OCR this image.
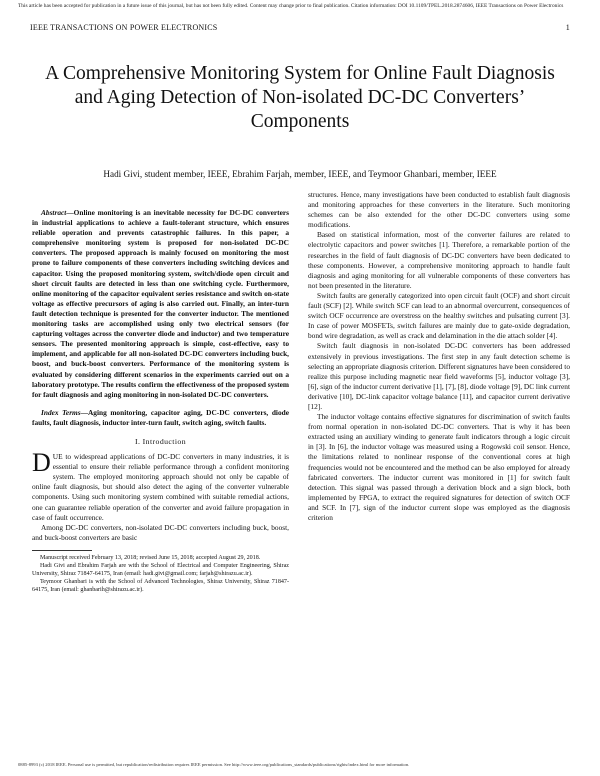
This article has been accepted for publication in a future issue of this journal, but has not been fully edited. Content may change prior to final publication. Citation information: DOI 10.1109/TPEL.2018.2874606, IEEE Transactions on Power Electronics
IEEE TRANSACTIONS ON POWER ELECTRONICS	1
A Comprehensive Monitoring System for Online Fault Diagnosis and Aging Detection of Non-isolated DC-DC Converters’ Components
Hadi Givi, student member, IEEE, Ebrahim Farjah, member, IEEE, and Teymoor Ghanbari, member, IEEE

Abstract—Online monitoring is an inevitable necessity for DC-DC converters in industrial applications to achieve a fault-tolerant structure, which ensures reliable operation and prevents catastrophic failures. In this paper, a comprehensive monitoring system is proposed for non-isolated DC-DC converters. The proposed approach is mainly focused on monitoring the most prone to failure components of these converters including switching devices and capacitor. Using the proposed monitoring system, switch/diode open circuit and short circuit faults are detected in less than one switching cycle. Furthermore, online monitoring of the capacitor equivalent series resistance and switch on-state voltage as effective precursors of aging is also carried out. Finally, an inter-turn fault detection technique is presented for the converter inductor. The mentioned monitoring tasks are accomplished using only two electrical sensors (for capturing voltages across the converter diode and inductor) and two temperature sensors. The presented monitoring approach is simple, cost-effective, easy to implement, and applicable for all non-isolated DC-DC converters including buck, boost, and buck-boost converters. Performance of the monitoring system is evaluated by considering different scenarios in the experiments carried out on a laboratory prototype. The results confirm the effectiveness of the proposed system for fault diagnosis and aging monitoring in non-isolated DC-DC converters.

Index Terms—Aging monitoring, capacitor aging, DC-DC converters, diode faults, fault diagnosis, inductor inter-turn fault, switch aging, switch faults.

I. Introduction

DUE to widespread applications of DC-DC converters in many industries, it is essential to ensure their reliable performance through a confident monitoring system. The employed monitoring approach should not only be capable of online fault diagnosis, but should also detect the aging of the converter vulnerable components. Using such monitoring system combined with suitable remedial actions, one can guarantee reliable operation of the converter and avoid failure propagation in case of fault occurrence.

Among DC-DC converters, non-isolated DC-DC converters including buck, boost, and buck-boost converters are basic

Manuscript received February 13, 2018; revised June 15, 2018; accepted August 29, 2018.

Hadi Givi and Ebrahim Farjah are with the School of Electrical and Computer Engineering, Shiraz University, Shiraz 71847-64175, Iran (email: hadi.givi@gmail.com; farjah@shirazu.ac.ir).

Teymoor Ghanbari is with the School of Advanced Technologies, Shiraz University, Shiraz 71847-64175, Iran (email: ghanbarih@shirazu.ac.ir).

structures. Hence, many investigations have been conducted to establish fault diagnosis and monitoring approaches for these converters in the literature. Such monitoring schemes can be also extended for the other DC-DC converters using some modifications.

Based on statistical information, most of the converter failures are related to electrolytic capacitors and power switches [1]. Therefore, a remarkable portion of the researches in the field of fault diagnosis of DC-DC converters have been dedicated to these components. However, a comprehensive monitoring approach to handle fault diagnosis and aging monitoring for all vulnerable components of these converters has not been presented in the literature.

Switch faults are generally categorized into open circuit fault (OCF) and short circuit fault (SCF) [2]. While switch SCF can lead to an abnormal overcurrent, consequences of switch OCF occurrence are overstress on the healthy switches and pulsating current [3]. In case of power MOSFETs, switch failures are mainly due to gate-oxide degradation, bond wire degradation, as well as crack and delamination in the die attach solder [4].

Switch fault diagnosis in non-isolated DC-DC converters has been addressed extensively in previous investigations. The first step in any fault detection scheme is selecting an appropriate diagnosis criterion. Different signatures have been considered to realize this purpose including magnetic near field waveforms [5], inductor voltage [3], [6], sign of the inductor current derivative [1], [7], [8], diode voltage [9], DC link current derivative [10], DC-link capacitor voltage balance [11], and capacitor current derivative [12].

The inductor voltage contains effective signatures for discrimination of switch faults from normal operation in non-isolated DC-DC converters. That is why it has been extracted using an auxiliary winding to generate fault indicators through a logic circuit in [3]. In [6], the inductor voltage was measured using a Rogowski coil sensor. Hence, the limitations related to nonlinear response of the conventional cores at high frequencies would not be encountered and the method can be also employed for already fabricated converters. The inductor current was monitored in [1] for switch fault detection. This signal was passed through a derivation block and a sign block, both implemented by FPGA, to extract the required signatures for detection of switch OCF and SCF. In [7], sign of the inductor current slope was employed as the diagnosis criterion

0885-8993 (c) 2018 IEEE. Personal use is permitted, but republication/redistribution requires IEEE permission. See http://www.ieee.org/publications_standards/publications/rights/index.html for more information.
